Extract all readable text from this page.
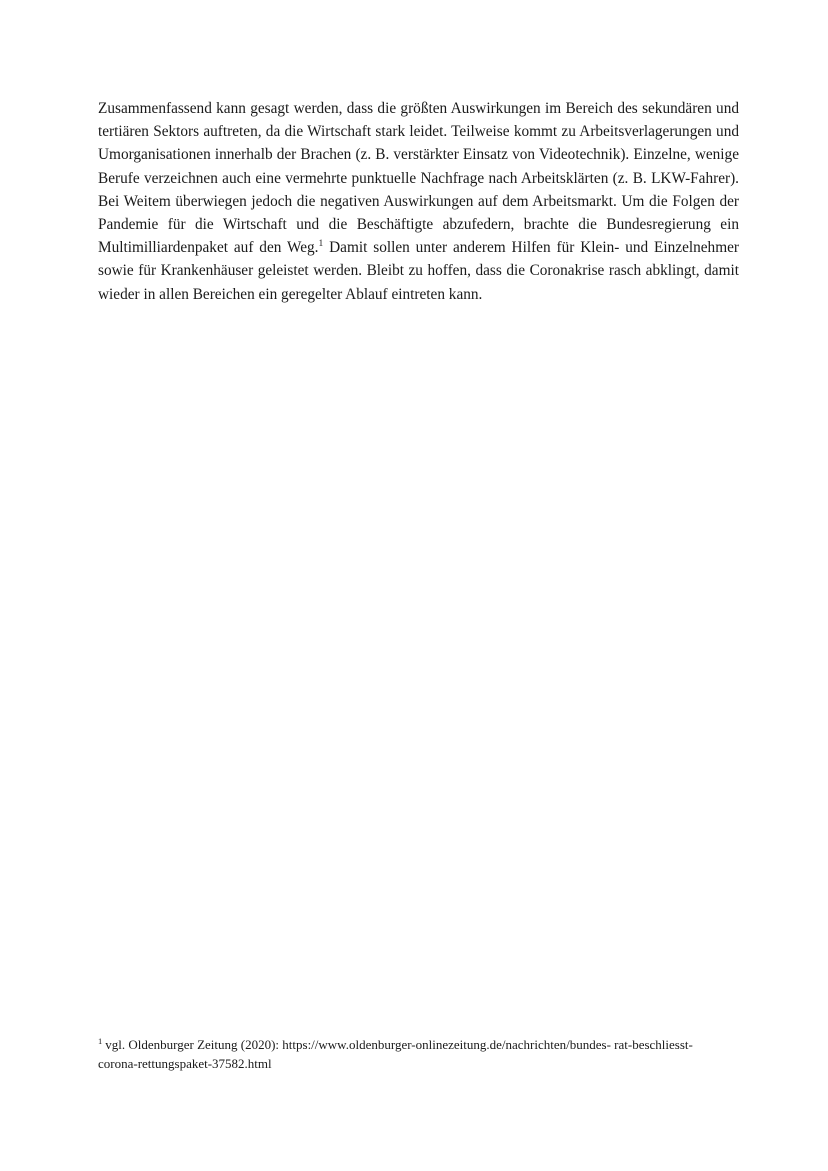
Zusammenfassend kann gesagt werden, dass die größten Auswirkungen im Bereich des sekundären und tertiären Sektors auftreten, da die Wirtschaft stark leidet. Teilweise kommt zu Arbeitsverlagerungen und Umorganisationen innerhalb der Brachen (z. B. verstärkter Einsatz von Videotechnik). Einzelne, wenige Berufe verzeichnen auch eine vermehrte punktuelle Nachfrage nach Arbeitsklärten (z. B. LKW-Fahrer). Bei Weitem überwiegen jedoch die negativen Auswirkungen auf dem Arbeitsmarkt. Um die Folgen der Pandemie für die Wirtschaft und die Beschäftigte abzufedern, brachte die Bundesregierung ein Multimilliardenpaket auf den Weg.$^1$ Damit sollen unter anderem Hilfen für Klein- und Einzelnehmer sowie für Krankenhäuser geleistet werden. Bleibt zu hoffen, dass die Coronakrise rasch abklingt, damit wieder in allen Bereichen ein geregelter Ablauf eintreten kann.

$^1$ vgl. Oldenburger Zeitung (2020): https://www.oldenburger-onlinezeitung.de/nachrichten/bundes- rat-beschliesst-
corona-rettungspaket-37582.html
